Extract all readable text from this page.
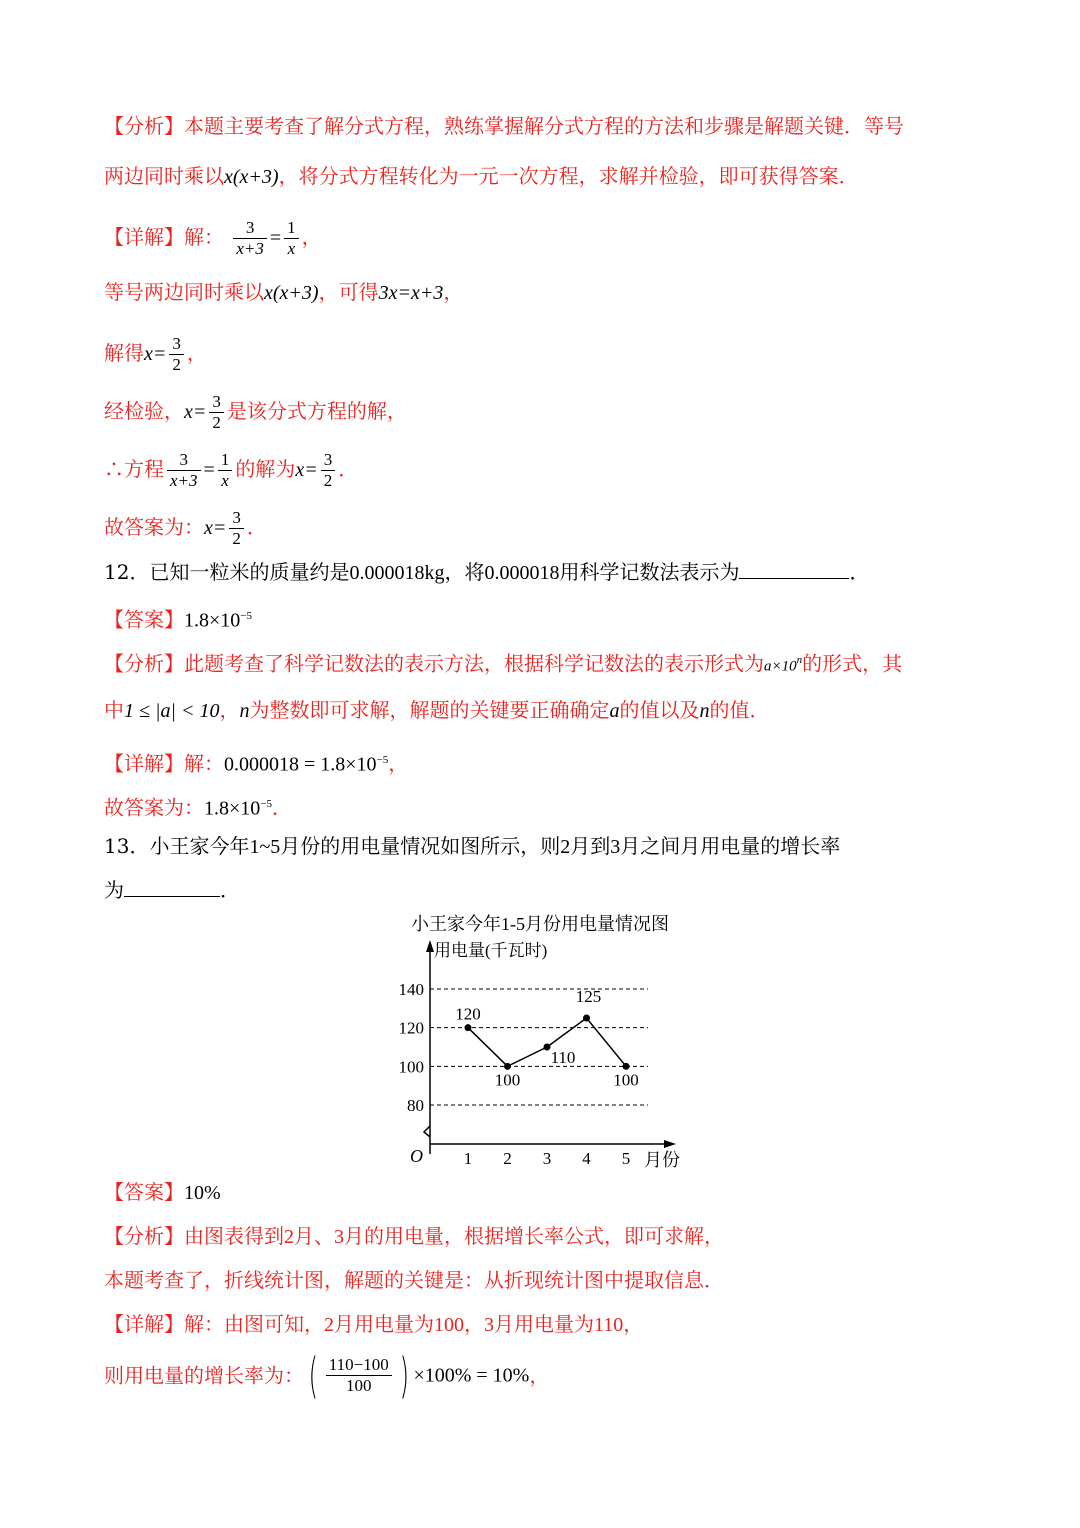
【分析】本题主要考查了解分式方程，熟练掌握解分式方程的方法和步骤是解题关键．等号
两边同时乘以x(x+3)，将分式方程转化为一元一次方程，求解并检验，即可获得答案．
【详解】解： $\frac{3}{x+3} = \frac{1}{x}$ ，
等号两边同时乘以x(x+3)，可得3x=x+3，
解得$x= \frac{3}{2}$ ，
经检验，$x= \frac{3}{2}$ 是该分式方程的解，
∴方程 $\frac{3}{x+3} = \frac{1}{x}$ 的解为$x= \frac{3}{2}$ ．
故答案为：$x= \frac{3}{2}$ ．
12．已知一粒米的质量约是0.000018kg，将0.000018用科学记数法表示为	．
【答案】$1.8\times 10^{-5}$
【分析】此题考查了科学记数法的表示方法，根据科学记数法的表示形式为$a\times 10^n$的形式，其
中1 ≤ |a| < 10，n为整数即可求解，解题的关键要正确确定a的值以及n的值．
【详解】解：$0.000018 = 1.8\times 10^{-5}$，
故答案为：$1.8\times 10^{-5}$．
13．小王家今年1~5月份的用电量情况如图所示，则2月到3月之间月用电量的增长率
为	．
小王家今年1-5月份用电量情况图
用电量(千瓦时)
O	月份
80
100
120
140
1 2 3 4 5
120
100
110
125
100
【答案】10%
【分析】由图表得到2月、3月的用电量，根据增长率公式，即可求解，
本题考查了，折线统计图，解题的关键是：从折现统计图中提取信息．
【详解】解：由图可知，2月用电量为100，3月用电量为110，
则用电量的增长率为：( $\frac{110-100}{100}$ ) ×100% = 10%，
